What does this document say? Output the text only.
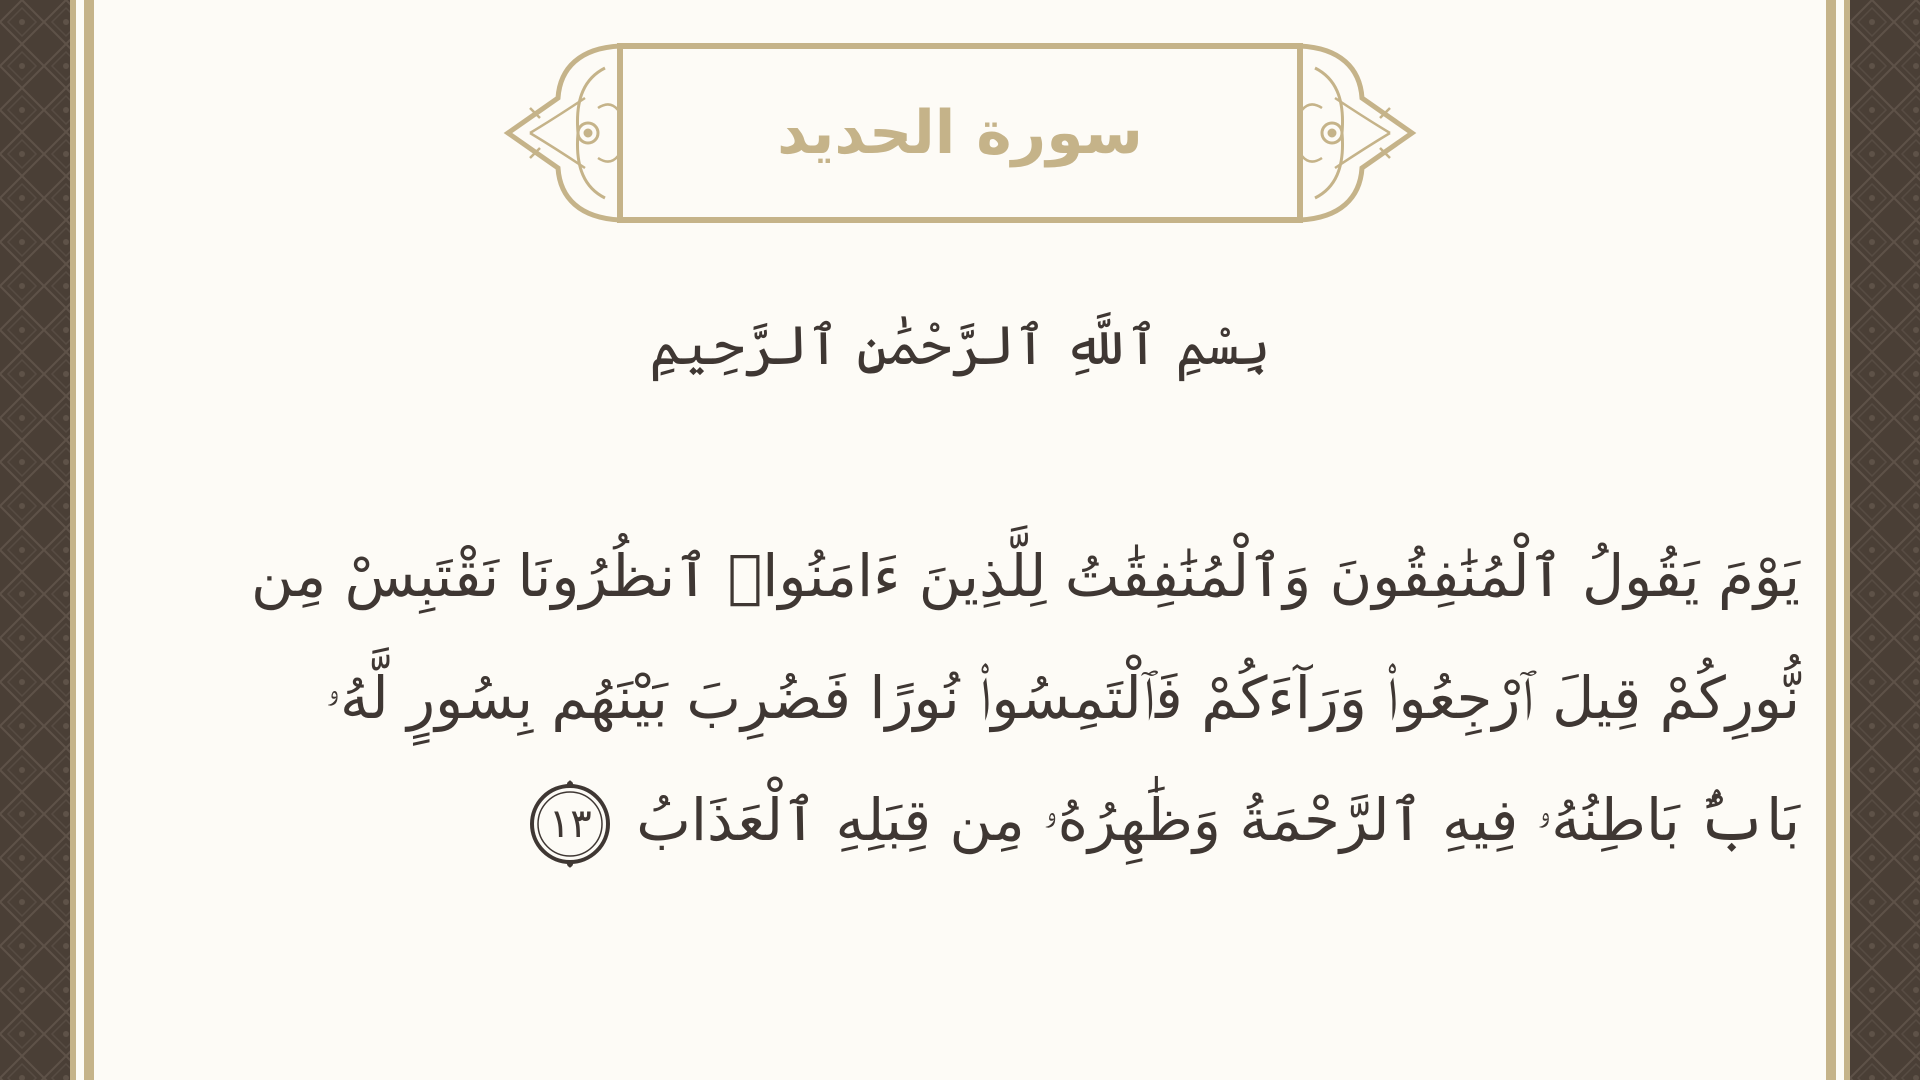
سورة الحديد
بِسْمِ ٱللَّهِ ٱلرَّحْمَٰنِ ٱلرَّحِيمِ

يَوْمَ يَقُولُ ٱلْمُنَٰفِقُونَ وَٱلْمُنَٰفِقَٰتُ لِلَّذِينَ ءَامَنُوا۟ ٱنظُرُونَا نَقْتَبِسْ مِن
نُّورِكُمْ قِيلَ ٱرْجِعُوا۟ وَرَآءَكُمْ فَٱلْتَمِسُوا۟ نُورًا فَضُرِبَ بَيْنَهُم بِسُورٍ لَّهُۥ
بَابٌۢ بَاطِنُهُۥ فِيهِ ٱلرَّحْمَةُ وَظَٰهِرُهُۥ مِن قِبَلِهِ ٱلْعَذَابُ
١٣
